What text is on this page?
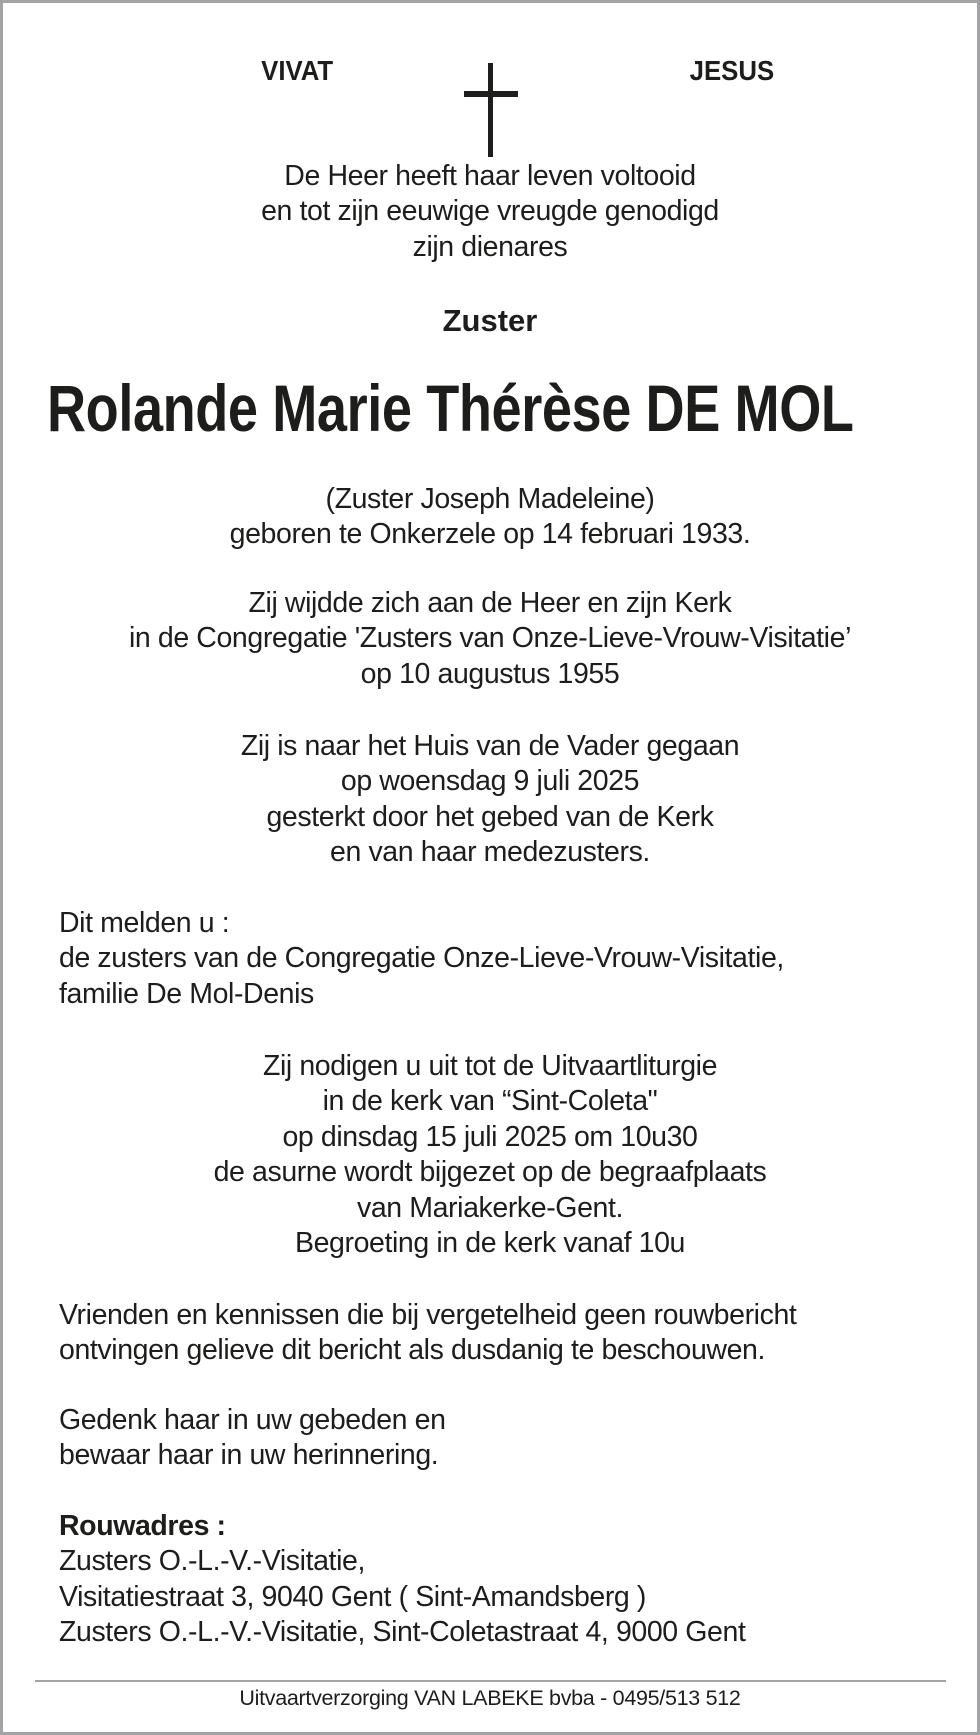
VIVAT	JESUS
De Heer heeft haar leven voltooid
en tot zijn eeuwige vreugde genodigd
zijn dienares
Zuster
Rolande Marie Thérèse DE MOL
(Zuster Joseph Madeleine)
geboren te Onkerzele op 14 februari 1933.
Zij wijdde zich aan de Heer en zijn Kerk
in de Congregatie 'Zusters van Onze-Lieve-Vrouw-Visitatie’
op 10 augustus 1955
Zij is naar het Huis van de Vader gegaan
op woensdag 9 juli 2025
gesterkt door het gebed van de Kerk
en van haar medezusters.
Dit melden u :
de zusters van de Congregatie Onze-Lieve-Vrouw-Visitatie,
familie De Mol-Denis
Zij nodigen u uit tot de Uitvaartliturgie
in de kerk van “Sint-Coleta"
op dinsdag 15 juli 2025 om 10u30
de asurne wordt bijgezet op de begraafplaats
van Mariakerke-Gent.
Begroeting in de kerk vanaf 10u
Vrienden en kennissen die bij vergetelheid geen rouwbericht
ontvingen gelieve dit bericht als dusdanig te beschouwen.
Gedenk haar in uw gebeden en
bewaar haar in uw herinnering.
Rouwadres :
Zusters O.-L.-V.-Visitatie,
Visitatiestraat 3, 9040 Gent ( Sint-Amandsberg )
Zusters O.-L.-V.-Visitatie, Sint-Coletastraat 4, 9000 Gent
Uitvaartverzorging VAN LABEKE bvba - 0495/513 512
